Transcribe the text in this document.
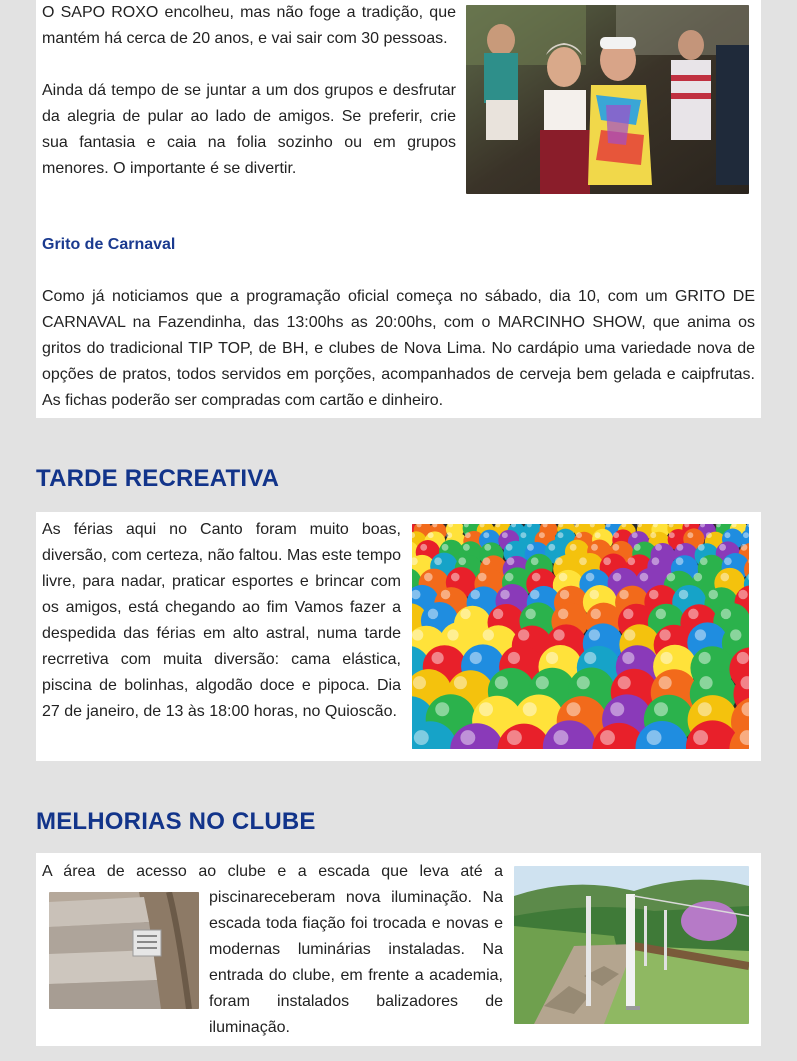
O SAPO ROXO encolheu, mas não foge a tradição, que mantém há cerca de 20 anos, e vai sair com 30 pessoas.

Ainda dá tempo de se juntar a um dos grupos e desfrutar da alegria de pular ao lado de amigos. Se preferir, crie sua fantasia e caia na folia sozinho ou em grupos menores. O importante é se divertir.

Grito de Carnaval

Como já noticiamos que a programação oficial começa no sábado, dia 10, com um GRITO DE CARNAVAL na Fazendinha, das 13:00hs as 20:00hs, com o MARCINHO SHOW, que anima os gritos do tradicional TIP TOP, de BH, e clubes de Nova Lima. No cardápio uma variedade nova de opções de pratos, todos servidos em porções, acompanhados de cerveja bem gelada e caipfrutas. As fichas poderão ser compradas com cartão e dinheiro.

TARDE RECREATIVA

As férias aqui no Canto foram muito boas, diversão, com certeza, não faltou. Mas este tempo livre, para nadar, praticar esportes e brincar com os amigos, está chegando ao fim Vamos fazer a despedida das férias em alto astral, numa tarde recrretiva com muita diversão: cama elástica, piscina de bolinhas, algodão doce e pipoca. Dia 27 de janeiro, de 13 às 18:00 horas, no Quioscão.

MELHORIAS NO CLUBE

A área de acesso ao clube e a escada que leva até a

piscinareceberam nova iluminação. Na escada toda fiação foi trocada e novas e modernas luminárias instaladas. Na entrada do clube, em frente a academia, foram instalados balizadores de iluminação.
